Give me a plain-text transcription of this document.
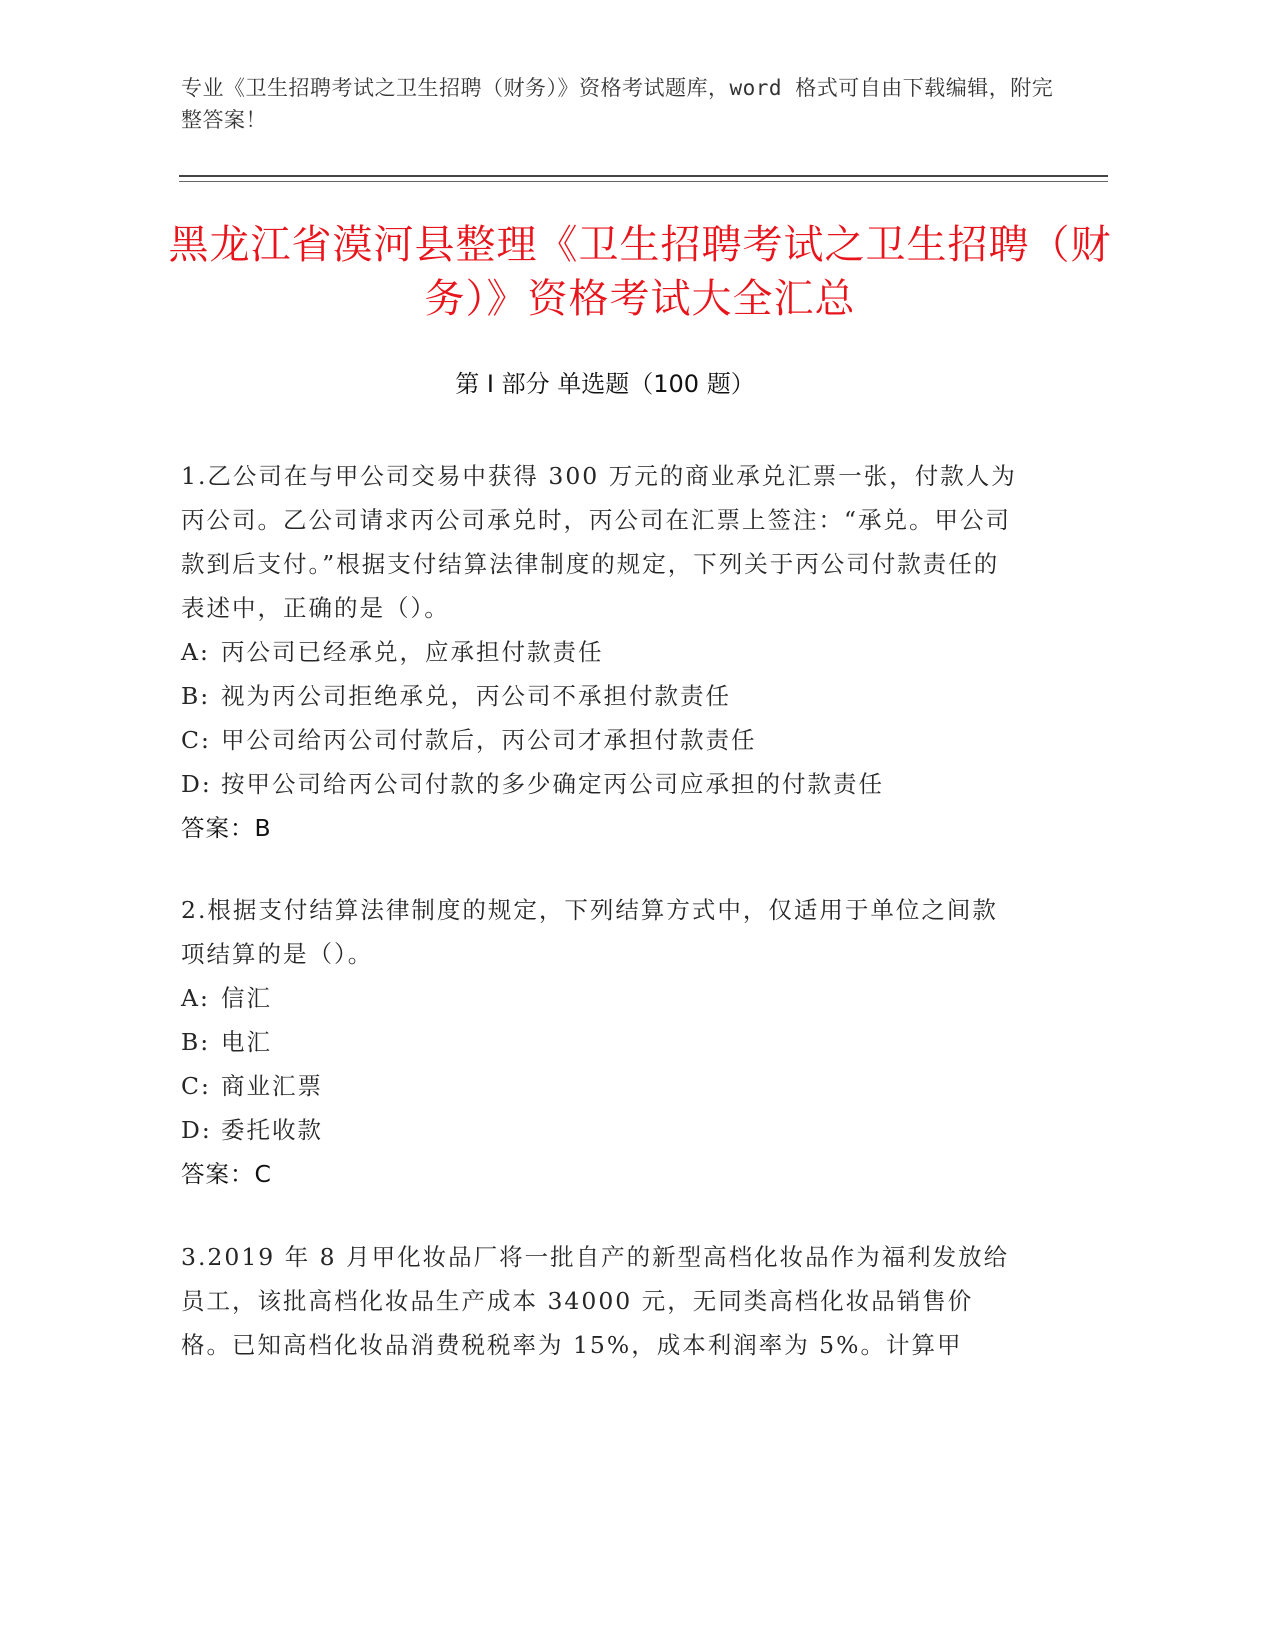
专业《卫生招聘考试之卫生招聘（财务）》资格考试题库，word 格式可自由下载编辑，附完整答案！
黑龙江省漠河县整理《卫生招聘考试之卫生招聘（财务）》资格考试大全汇总
第 I 部分 单选题（100 题）

1.乙公司在与甲公司交易中获得 300 万元的商业承兑汇票一张，付款人为丙公司。乙公司请求丙公司承兑时，丙公司在汇票上签注：“承兑。甲公司款到后支付。”根据支付结算法律制度的规定，下列关于丙公司付款责任的表述中，正确的是（）。

A: 丙公司已经承兑，应承担付款责任

B: 视为丙公司拒绝承兑，丙公司不承担付款责任

C: 甲公司给丙公司付款后，丙公司才承担付款责任

D: 按甲公司给丙公司付款的多少确定丙公司应承担的付款责任

答案：B

2.根据支付结算法律制度的规定，下列结算方式中，仅适用于单位之间款项结算的是（）。

A: 信汇

B: 电汇

C: 商业汇票

D: 委托收款

答案：C

3.2019 年 8 月甲化妆品厂将一批自产的新型高档化妆品作为福利发放给员工，该批高档化妆品生产成本 34000 元，无同类高档化妆品销售价格。已知高档化妆品消费税税率为 15%，成本利润率为 5%。计算甲
